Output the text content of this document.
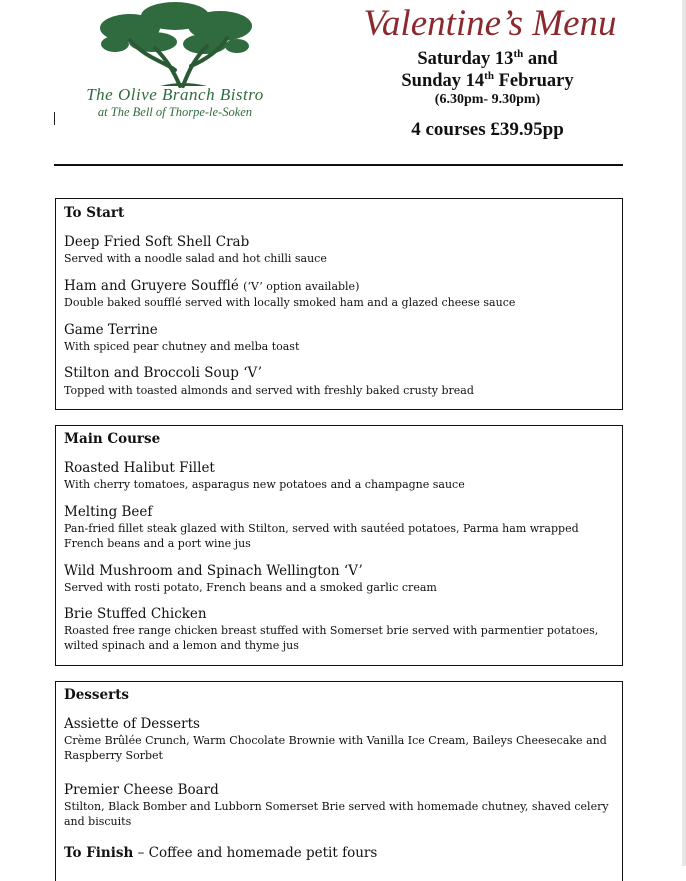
The Olive Branch Bistro
at The Bell of Thorpe-le-Soken
Valentine’s Menu
Saturday 13th and
Sunday 14th February
(6.30pm- 9.30pm)
4 courses £39.95pp
To Start
Deep Fried Soft Shell Crab
Served with a noodle salad and hot chilli sauce
Ham and Gruyere Soufflé (‘V’ option available)
Double baked soufflé served with locally smoked ham and a glazed cheese sauce
Game Terrine
With spiced pear chutney and melba toast
Stilton and Broccoli Soup ‘V’
Topped with toasted almonds and served with freshly baked crusty bread
Main Course
Roasted Halibut Fillet
With cherry tomatoes, asparagus new potatoes and a champagne sauce
Melting Beef
Pan-fried fillet steak glazed with Stilton, served with sautéed potatoes, Parma ham wrapped French beans and a port wine jus
Wild Mushroom and Spinach Wellington ‘V’
Served with rosti potato, French beans and a smoked garlic cream
Brie Stuffed Chicken
Roasted free range chicken breast stuffed with Somerset brie served with parmentier potatoes, wilted spinach and a lemon and thyme jus
Desserts
Assiette of Desserts
Crème Brûlée Crunch, Warm Chocolate Brownie with Vanilla Ice Cream, Baileys Cheesecake and Raspberry Sorbet
Premier Cheese Board
Stilton, Black Bomber and Lubborn Somerset Brie served with homemade chutney, shaved celery and biscuits
To Finish – Coffee and homemade petit fours
